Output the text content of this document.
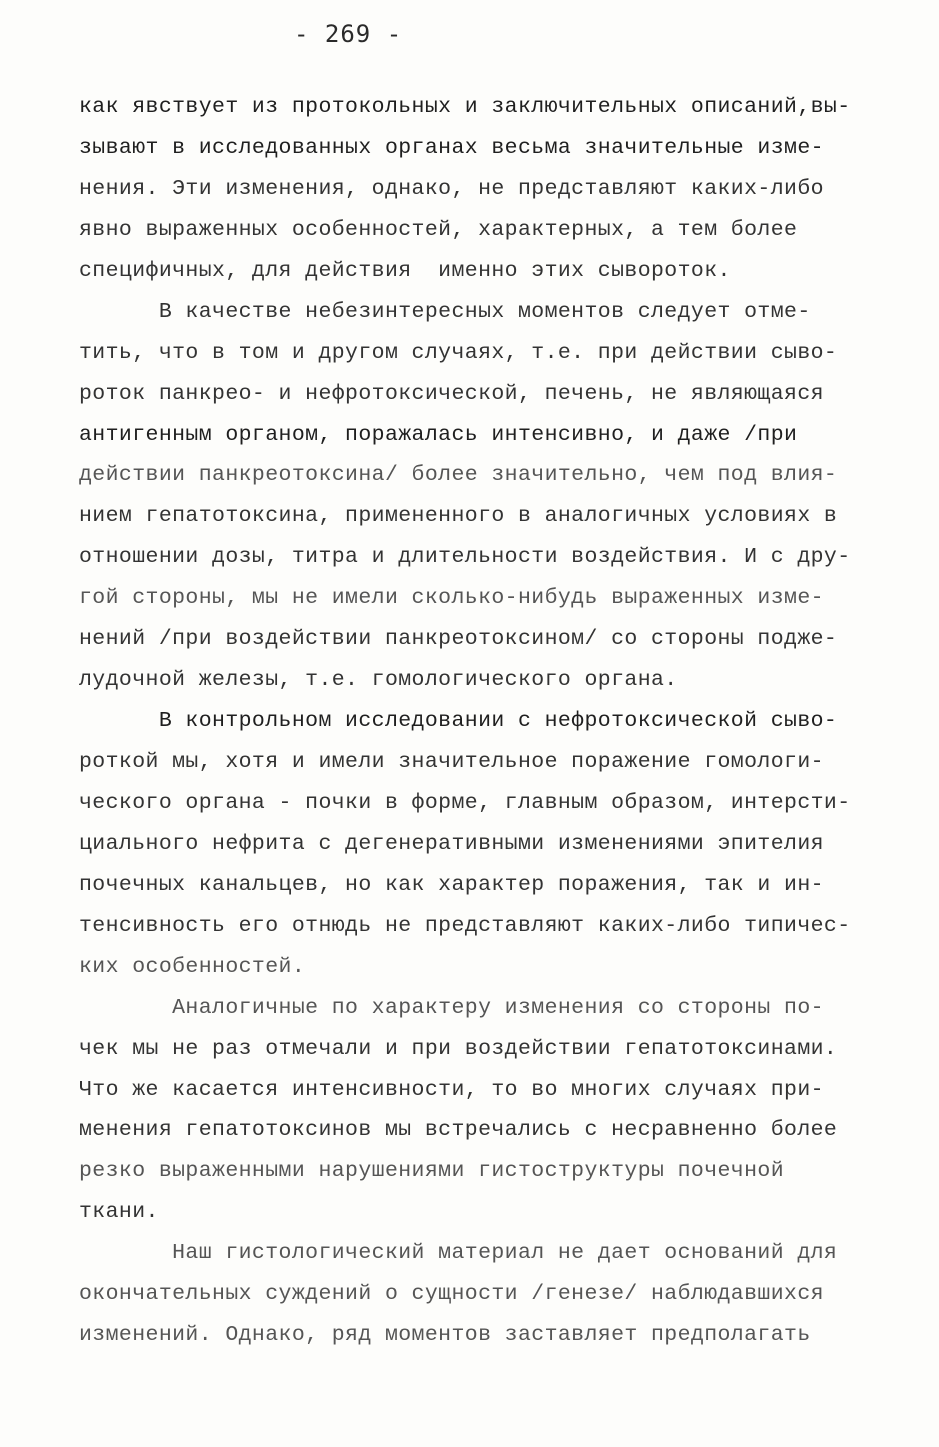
- 269 -
как явствует из протокольных и заключительных описаний,вы-
зывают в исследованных органах весьма значительные изме-
нения. Эти изменения, однако, не представляют каких-либо
явно выраженных особенностей, характерных, а тем более
специфичных, для действия  именно этих сывороток.
В качестве небезинтересных моментов следует отме-
тить, что в том и другом случаях, т.е. при действии сыво-
роток панкрео- и нефротоксической, печень, не являющаяся
антигенным органом, поражалась интенсивно, и даже /при
действии панкреотоксина/ более значительно, чем под влия-
нием гепатотоксина, примененного в аналогичных условиях в
отношении дозы, титра и длительности воздействия. И с дру-
гой стороны, мы не имели сколько-нибудь выраженных изме-
нений /при воздействии панкреотоксином/ со стороны подже-
лудочной железы, т.е. гомологического органа.
В контрольном исследовании с нефротоксической сыво-
роткой мы, хотя и имели значительное поражение гомологи-
ческого органа - почки в форме, главным образом, интерсти-
циального нефрита с дегенеративными изменениями эпителия
почечных канальцев, но как характер поражения, так и ин-
тенсивность его отнюдь не представляют каких-либо типичес-
ких особенностей.
Аналогичные по характеру изменения со стороны по-
чек мы не раз отмечали и при воздействии гепатотоксинами.
Что же касается интенсивности, то во многих случаях при-
менения гепатотоксинов мы встречались с несравненно более
резко выраженными нарушениями гистоструктуры почечной
ткани.
Наш гистологический материал не дает оснований для
окончательных суждений о сущности /генезе/ наблюдавшихся
изменений. Однако, ряд моментов заставляет предполагать
